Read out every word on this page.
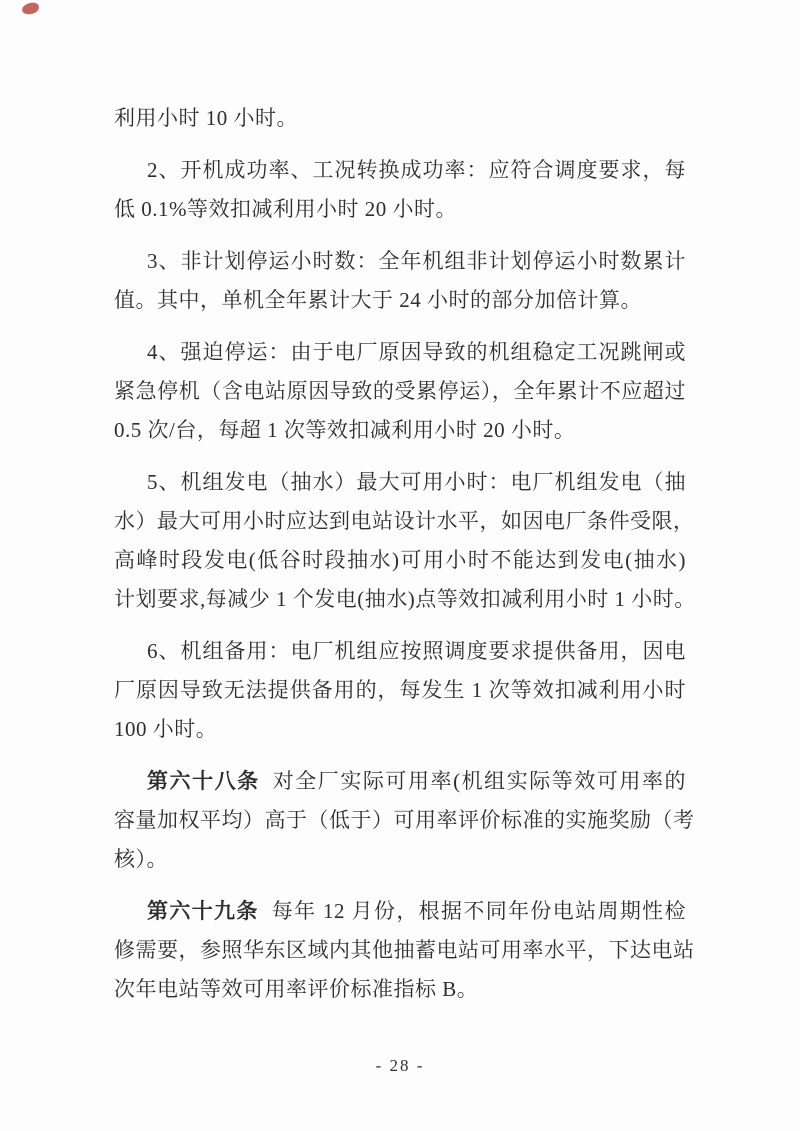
利用小时 10 小时。

2、开机成功率、工况转换成功率：应符合调度要求，每
低 0.1%等效扣减利用小时 20 小时。

3、非计划停运小时数：全年机组非计划停运小时数累计
值。其中，单机全年累计大于 24 小时的部分加倍计算。

4、强迫停运：由于电厂原因导致的机组稳定工况跳闸或
紧急停机（含电站原因导致的受累停运），全年累计不应超过
0.5 次/台，每超 1 次等效扣减利用小时 20 小时。

5、机组发电（抽水）最大可用小时：电厂机组发电（抽
水）最大可用小时应达到电站设计水平，如因电厂条件受限，
高峰时段发电(低谷时段抽水)可用小时不能达到发电(抽水)
计划要求,每减少 1 个发电(抽水)点等效扣减利用小时 1 小时。

6、机组备用：电厂机组应按照调度要求提供备用，因电
厂原因导致无法提供备用的，每发生 1 次等效扣减利用小时
100 小时。

第六十八条 对全厂实际可用率(机组实际等效可用率的
容量加权平均）高于（低于）可用率评价标准的实施奖励（考
核）。

第六十九条 每年 12 月份，根据不同年份电站周期性检
修需要，参照华东区域内其他抽蓄电站可用率水平，下达电站
次年电站等效可用率评价标准指标 B。

- 28 -
